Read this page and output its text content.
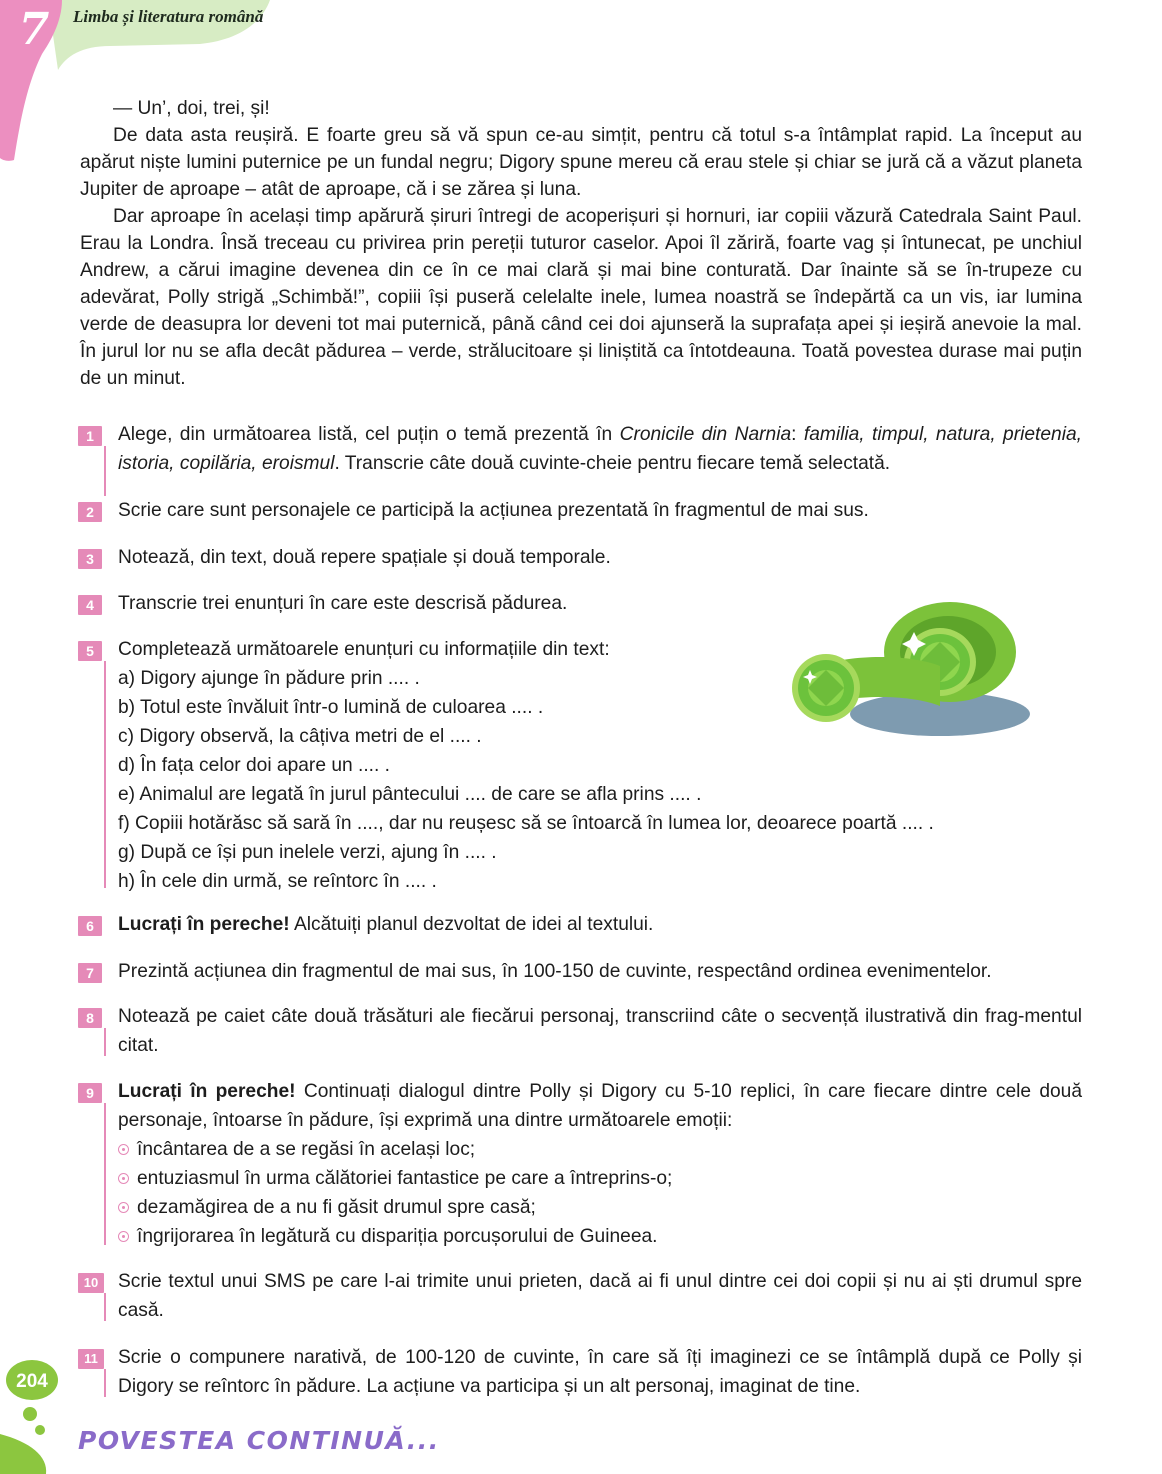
7 Limba și literatura română

— Un’, doi, trei, și!

De data asta reușiră. E foarte greu să vă spun ce-au simțit, pentru că totul s-a întâmplat rapid. La început au apărut niște lumini puternice pe un fundal negru; Digory spune mereu că erau stele și chiar se jură că a văzut planeta Jupiter de aproape – atât de aproape, că i se zărea și luna.

Dar aproape în același timp apărură șiruri întregi de acoperișuri și hornuri, iar copiii văzură Catedrala Saint Paul. Erau la Londra. Însă treceau cu privirea prin pereții tuturor caselor. Apoi îl zăriră, foarte vag și întunecat, pe unchiul Andrew, a cărui imagine devenea din ce în ce mai clară și mai bine conturată. Dar înainte să se în-trupeze cu adevărat, Polly strigă „Schimbă!”, copiii își puseră celelalte inele, lumea noastră se îndepărtă ca un vis, iar lumina verde de deasupra lor deveni tot mai puternică, până când cei doi ajunseră la suprafața apei și ieșiră anevoie la mal. În jurul lor nu se afla decât pădurea – verde, strălucitoare și liniștită ca întotdeauna. Toată povestea durase mai puțin de un minut.

1	Alege, din următoarea listă, cel puțin o temă prezentă în Cronicile din Narnia: familia, timpul, natura, prietenia, istoria, copilăria, eroismul. Transcrie câte două cuvinte-cheie pentru fiecare temă selectată.

2	Scrie care sunt personajele ce participă la acțiunea prezentată în fragmentul de mai sus.

3	Notează, din text, două repere spațiale și două temporale.

4	Transcrie trei enunțuri în care este descrisă pădurea.

5	Completează următoarele enunțuri cu informațiile din text:
a) Digory ajunge în pădure prin .... .
b) Totul este învăluit într-o lumină de culoarea .... .
c) Digory observă, la câțiva metri de el .... .
d) În fața celor doi apare un .... .
e) Animalul are legată în jurul pântecului .... de care se afla prins .... .
f) Copiii hotărăsc să sară în ...., dar nu reușesc să se întoarcă în lumea lor, deoarece poartă .... .
g) După ce își pun inelele verzi, ajung în .... .
h) În cele din urmă, se reîntorc în .... .
6	Lucrați în pereche! Alcătuiți planul dezvoltat de idei al textului.

7	Prezintă acțiunea din fragmentul de mai sus, în 100-150 de cuvinte, respectând ordinea evenimentelor.

8	Notează pe caiet câte două trăsături ale fiecărui personaj, transcriind câte o secvență ilustrativă din frag-mentul citat.

9	Lucrați în pereche! Continuați dialogul dintre Polly și Digory cu 5-10 replici, în care fiecare dintre cele două personaje, întoarse în pădure, își exprimă una dintre următoarele emoții:
încântarea de a se regăsi în același loc;
entuziasmul în urma călătoriei fantastice pe care a întreprins-o;
dezamăgirea de a nu fi găsit drumul spre casă;
îngrijorarea în legătură cu dispariția porcușorului de Guineea.
10	Scrie textul unui SMS pe care l-ai trimite unui prieten, dacă ai fi unul dintre cei doi copii și nu ai ști drumul spre casă.

11	Scrie o compunere narativă, de 100-120 de cuvinte, în care să îți imaginezi ce se întâmplă după ce Polly și Digory se reîntorc în pădure. La acțiune va participa și un alt personaj, imaginat de tine.

204
POVESTEA CONTINUĂ...
